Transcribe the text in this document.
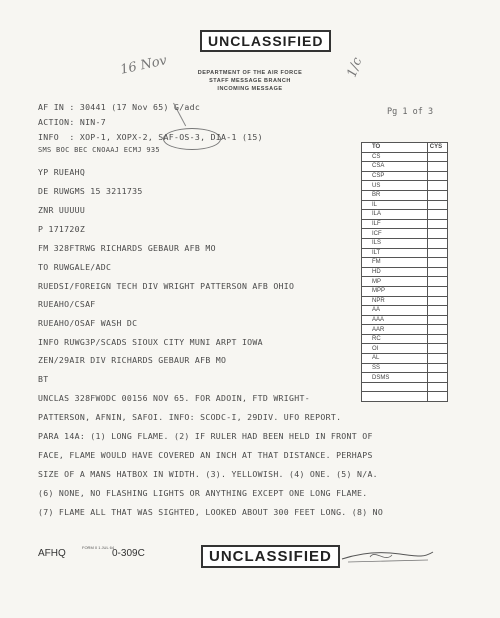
UNCLASSIFIED
16 Nov	1/c
DEPARTMENT OF THE AIR FORCE
STAFF MESSAGE BRANCH
INCOMING MESSAGE
Pg 1 of 3
AF IN : 30441 (17 Nov 65) G/adc
ACTION: NIN-7
INFO  : XOP-1, XOPX-2, SAF-OS-3, DIA-1 (15)
SMS BOC BEC CNOAAJ ECMJ 935
YP RUEAHQ
DE RUWGMS 15 3211735
ZNR UUUUU
P 171720Z
FM 328FTRWG RICHARDS GEBAUR AFB MO
TO RUWGALE/ADC
RUEDSI/FOREIGN TECH DIV WRIGHT PATTERSON AFB OHIO
RUEAHO/CSAF
RUEAHO/OSAF WASH DC
INFO RUWG3P/SCADS SIOUX CITY MUNI ARPT IOWA
ZEN/29AIR DIV RICHARDS GEBAUR AFB MO
BT
UNCLAS 328FWODC 00156 NOV 65. FOR ADOIN, FTD WRIGHT-
PATTERSON, AFNIN, SAFOI. INFO: SCODC-I, 29DIV. UFO REPORT.
PARA 14A: (1) LONG FLAME. (2) IF RULER HAD BEEN HELD IN FRONT OF
FACE, FLAME WOULD HAVE COVERED AN INCH AT THAT DISTANCE. PERHAPS
SIZE OF A MANS HATBOX IN WIDTH. (3). YELLOWISH. (4) ONE. (5) N/A.
(6) NONE, NO FLASHING LIGHTS OR ANYTHING EXCEPT ONE LONG FLAME.
(7) FLAME ALL THAT WAS SIGHTED, LOOKED ABOUT 300 FEET LONG. (8) NO
TO	CYS
CS	
CSA	
CSP	
US	
BR	
IL	
ILA	
ILF	
ICF	
ILS	
ILT	
FM	
HD	
MP	
MPP	
NPR	
AA	
AAA	
AAR	
RC	
OI	
AL	
SS	
DSMS	

AFHQ
FORM 0 1 JUL 64
0-309C	UNCLASSIFIED
